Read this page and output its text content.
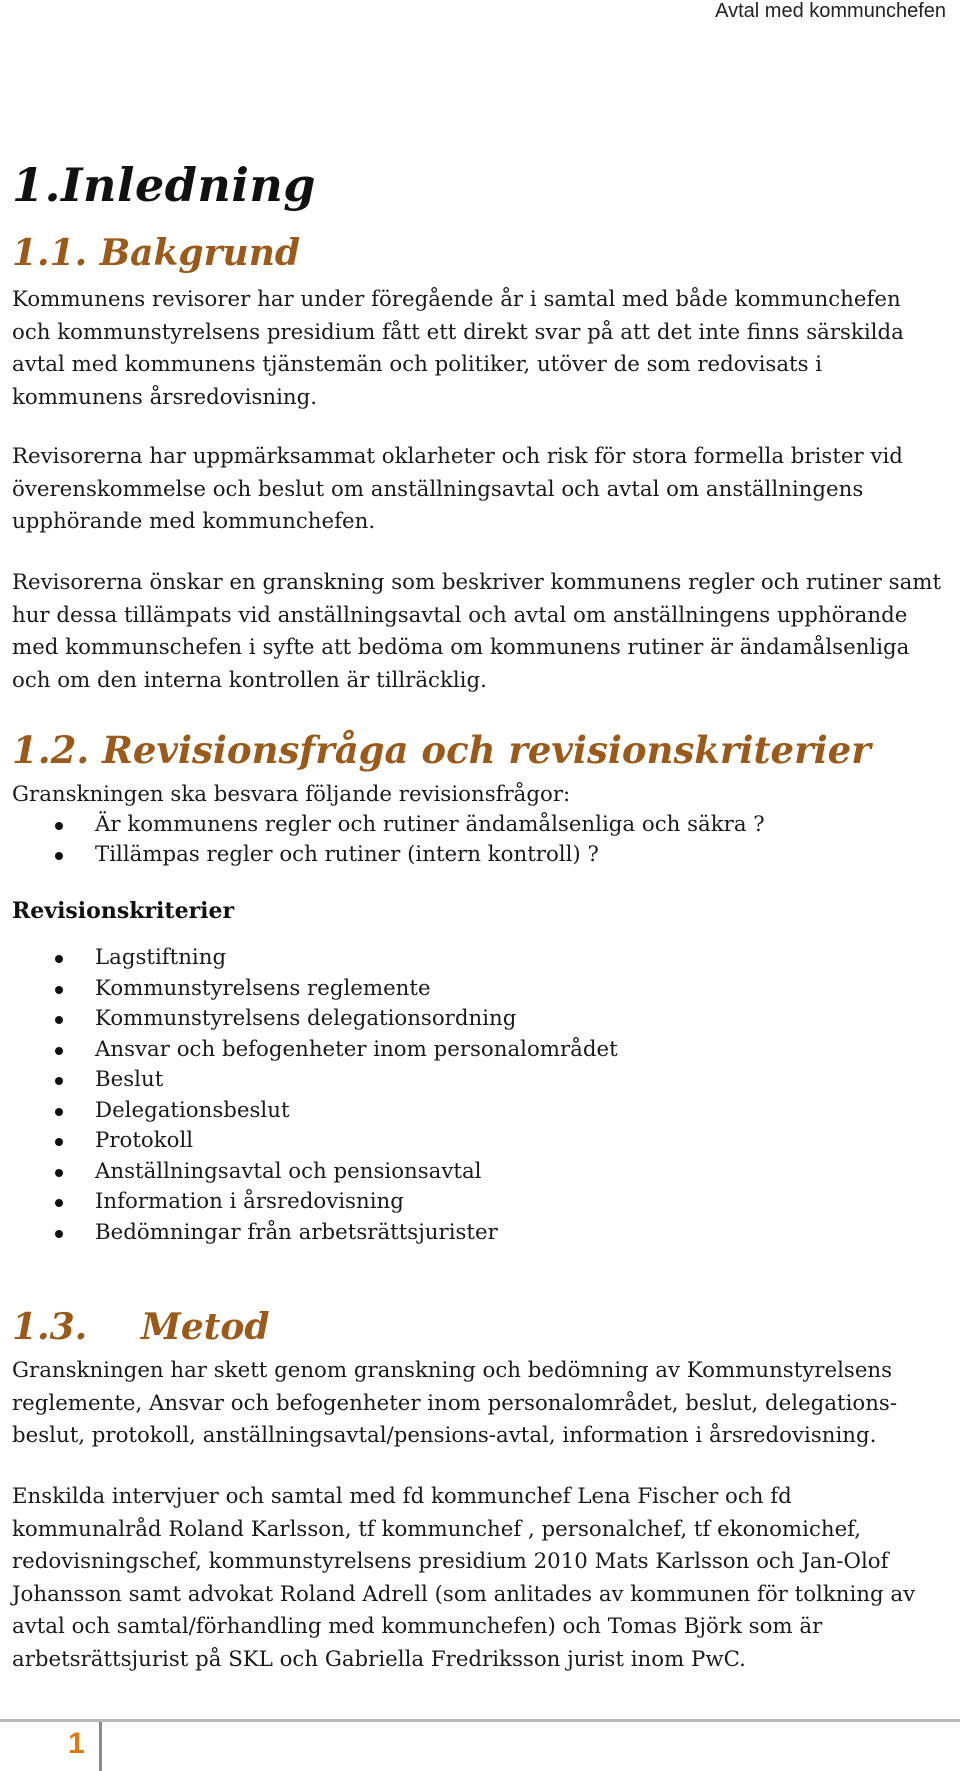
Avtal med kommunchefen
1.Inledning
1.1. Bakgrund

Kommunens revisorer har under föregående år i samtal med både kommunchefen och kommunstyrelsens presidium fått ett direkt svar på att det inte finns särskilda avtal med kommunens tjänstemän och politiker, utöver de som redovisats i kommunens årsredovisning.

Revisorerna har uppmärksammat oklarheter och risk för stora formella brister vid överenskommelse och beslut om anställningsavtal och avtal om anställningens upphörande med kommunchefen.

Revisorerna önskar en granskning som beskriver kommunens regler och rutiner samt hur dessa tillämpats vid anställningsavtal och avtal om anställningens upphörande med kommunschefen i syfte att bedöma om kommunens rutiner är ändamålsenliga och om den interna kontrollen är tillräcklig.

1.2. Revisionsfråga och revisionskriterier

Granskningen ska besvara följande revisionsfrågor:

Är kommunens regler och rutiner ändamålsenliga och säkra ?
Tillämpas regler och rutiner (intern kontroll) ?
Revisionskriterier
Lagstiftning
Kommunstyrelsens reglemente
Kommunstyrelsens delegationsordning
Ansvar och befogenheter inom personalområdet
Beslut
Delegationsbeslut
Protokoll
Anställningsavtal och pensionsavtal
Information i årsredovisning
Bedömningar från arbetsrättsjurister
1.3. Metod

Granskningen har skett genom granskning och bedömning av Kommunstyrelsens reglemente, Ansvar och befogenheter inom personalområdet, beslut, delegations-beslut, protokoll, anställningsavtal/pensions-avtal, information i årsredovisning.

Enskilda intervjuer och samtal med fd kommunchef Lena Fischer och fd kommunalråd Roland Karlsson, tf kommunchef , personalchef, tf ekonomichef, redovisningschef, kommunstyrelsens presidium 2010 Mats Karlsson och Jan-Olof Johansson samt advokat Roland Adrell (som anlitades av kommunen för tolkning av avtal och samtal/förhandling med kommunchefen) och Tomas Björk som är arbetsrättsjurist på SKL och Gabriella Fredriksson jurist inom PwC.

1
